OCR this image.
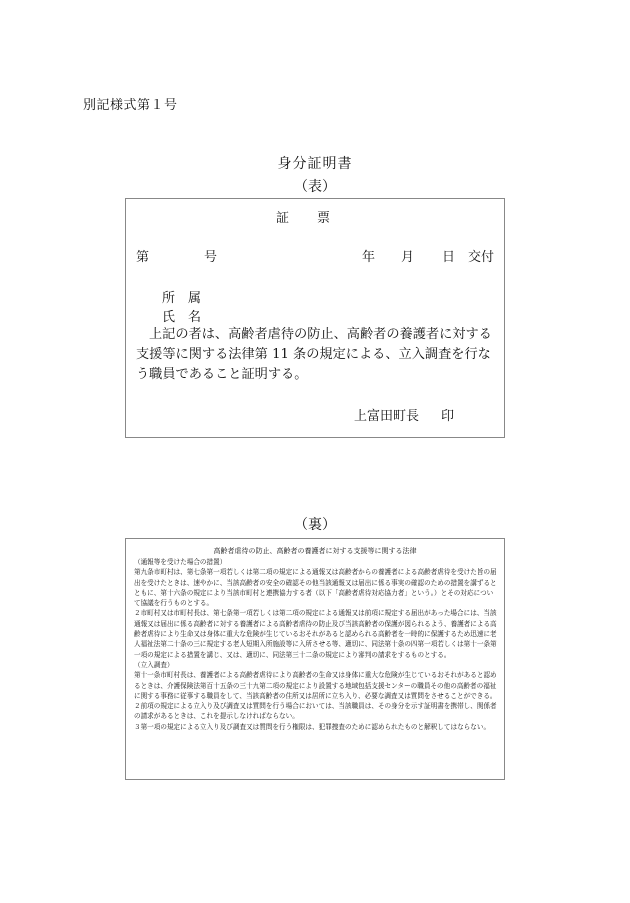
別記様式第１号
身分証明書
（表）
証票
第	号	年 月 日 交付
所　属
氏　名
上記の者は、高齢者虐待の防止、高齢者の養護者に対する支援等に関する法律第 11 条の規定による、立入調査を行なう職員であること証明する。
上富田町長 印
（裏）
高齢者虐待の防止、高齢者の養護者に対する支援等に関する法律

（通報等を受けた場合の措置）

第九条市町村は、第七条第一項若しくは第二項の規定による通報又は高齢者からの養護者による高齢者虐待を受けた旨の届出を受けたときは、速やかに、当該高齢者の安全の確認その他当該通報又は届出に係る事実の確認のための措置を講ずるとともに、第十六条の規定により当該市町村と連携協力する者（以下「高齢者虐待対応協力者」という。）とその対応について協議を行うものとする。

２市町村又は市町村長は、第七条第一項若しくは第二項の規定による通報又は前項に規定する届出があった場合には、当該通報又は届出に係る高齢者に対する養護者による高齢者虐待の防止及び当該高齢者の保護が図られるよう、養護者による高齢者虐待により生命又は身体に重大な危険が生じているおそれがあると認められる高齢者を一時的に保護するため迅速に老人福祉法第二十条の三に規定する老人短期入所施設等に入所させる等、適切に、同法第十条の四第一項若しくは第十一条第一項の規定による措置を講じ、又は、適切に、同法第三十二条の規定により審判の請求をするものとする。

（立入調査）

第十一条市町村長は、養護者による高齢者虐待により高齢者の生命又は身体に重大な危険が生じているおそれがあると認めるときは、介護保険法第百十五条の三十九第二項の規定により設置する地域包括支援センターの職員その他の高齢者の福祉に関する事務に従事する職員をして、当該高齢者の住所又は居所に立ち入り、必要な調査又は質問をさせることができる。

２前項の規定による立入り及び調査又は質問を行う場合においては、当該職員は、その身分を示す証明書を携帯し、関係者の請求があるときは、これを提示しなければならない。

３第一項の規定による立入り及び調査又は質問を行う権限は、犯罪捜査のために認められたものと解釈してはならない。
